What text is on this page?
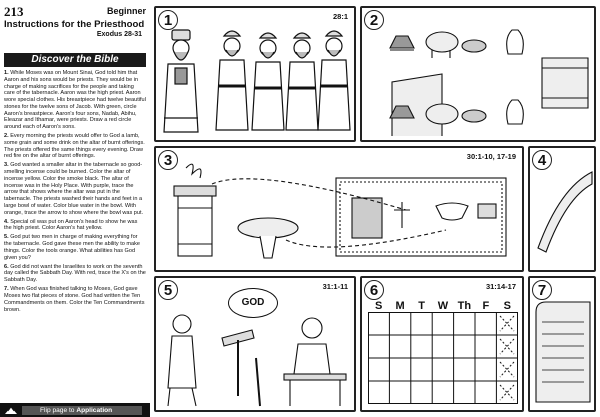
213	Beginner
Instructions for the Priesthood
Exodus 28-31
Discover the Bible

1. While Moses was on Mount Sinai, God told him that Aaron and his sons would be priests. They would be in charge of making sacrifices for the people and taking care of the tabernacle. Aaron was the high priest. Aaron wore special clothes. His breastpiece had twelve beautiful stones for the twelve sons of Jacob. With green, circle Aaron's breastpiece. Aaron's four sons, Nadab, Abihu, Eleazar and Ithamar, were priests. Draw a red circle around each of Aaron's sons.

2. Every morning the priests would offer to God a lamb, some grain and some drink on the altar of burnt offerings. The priests offered the same things every evening. Draw red fire on the altar of burnt offerings.

3. God wanted a smaller altar in the tabernacle so good-smelling incense could be burned. Color the altar of incense yellow. Color the smoke black. The altar of incense was in the Holy Place. With purple, trace the arrow that shows where the altar was put in the tabernacle. The priests washed their hands and feet in a large bowl of water. Color blue water in the bowl. With orange, trace the arrow to show where the bowl was put.

4. Special oil was put on Aaron's head to show he was the high priest. Color Aaron's hat yellow.

5. God put two men in charge of making everything for the tabernacle. God gave these men the ability to make things. Color the tools orange. What abilities has God given you?

6. God did not want the Israelites to work on the seventh day called the Sabbath Day. With red, trace the X's on the Sabbath Day.

7. When God was finished talking to Moses, God gave Moses two flat pieces of stone. God had written the Ten Commandments on them. Color the Ten Commandments brown.

Flip page to Application
1	28:1	2
3	30:1-10, 17-19	4
5	31:1-11
GOD
6	31:14-17
S	M	T	W Th	F	S
7
